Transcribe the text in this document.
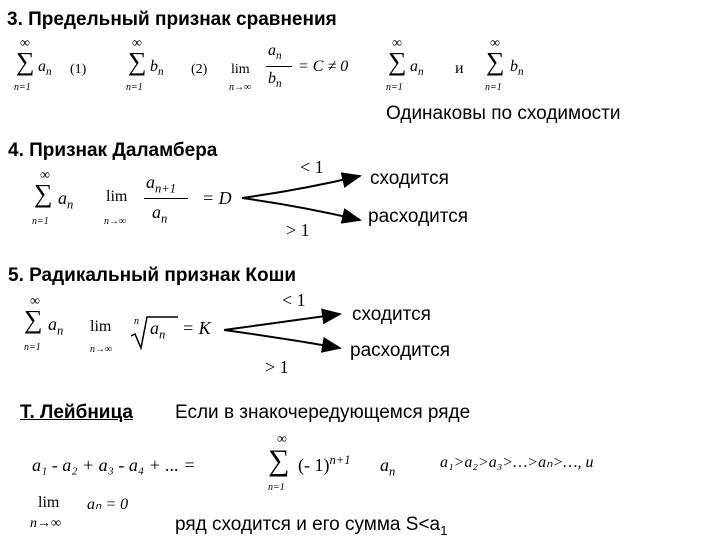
3. Предельный признак сравнения
∞
∑ $a_n$
n=1
(1)
∞
∑ $b_n$
n=1
(2) lim
n→∞
$a_n$
$b_n$
= C ≠ 0
∞
∑ $a_n$
n=1
и
∞
∑ $b_n$
n=1
Одинаковы по сходимости
4. Признак Даламбера
∞
∑ $a_n$
n=1
lim
n→∞
$a_{n+1}$
$a_n$
= D
< 1
> 1
сходится
расходится
5. Радикальный признак Коши
∞
∑ $a_n$
n=1
lim
n→∞
n $a_n = K$
< 1
> 1
сходится
расходится
Т. Лейбница Если в знакочередующемся ряде
a₁ - a₂ + a₃ - a₄ + ... =
∞
∑
n=1
(- 1)$^{n+1}$ $a_n$
a₁>a₂>a₃>…>aₙ>…, и
lim
n→∞
aₙ = 0
ряд сходится и его сумма $S<a_1$
